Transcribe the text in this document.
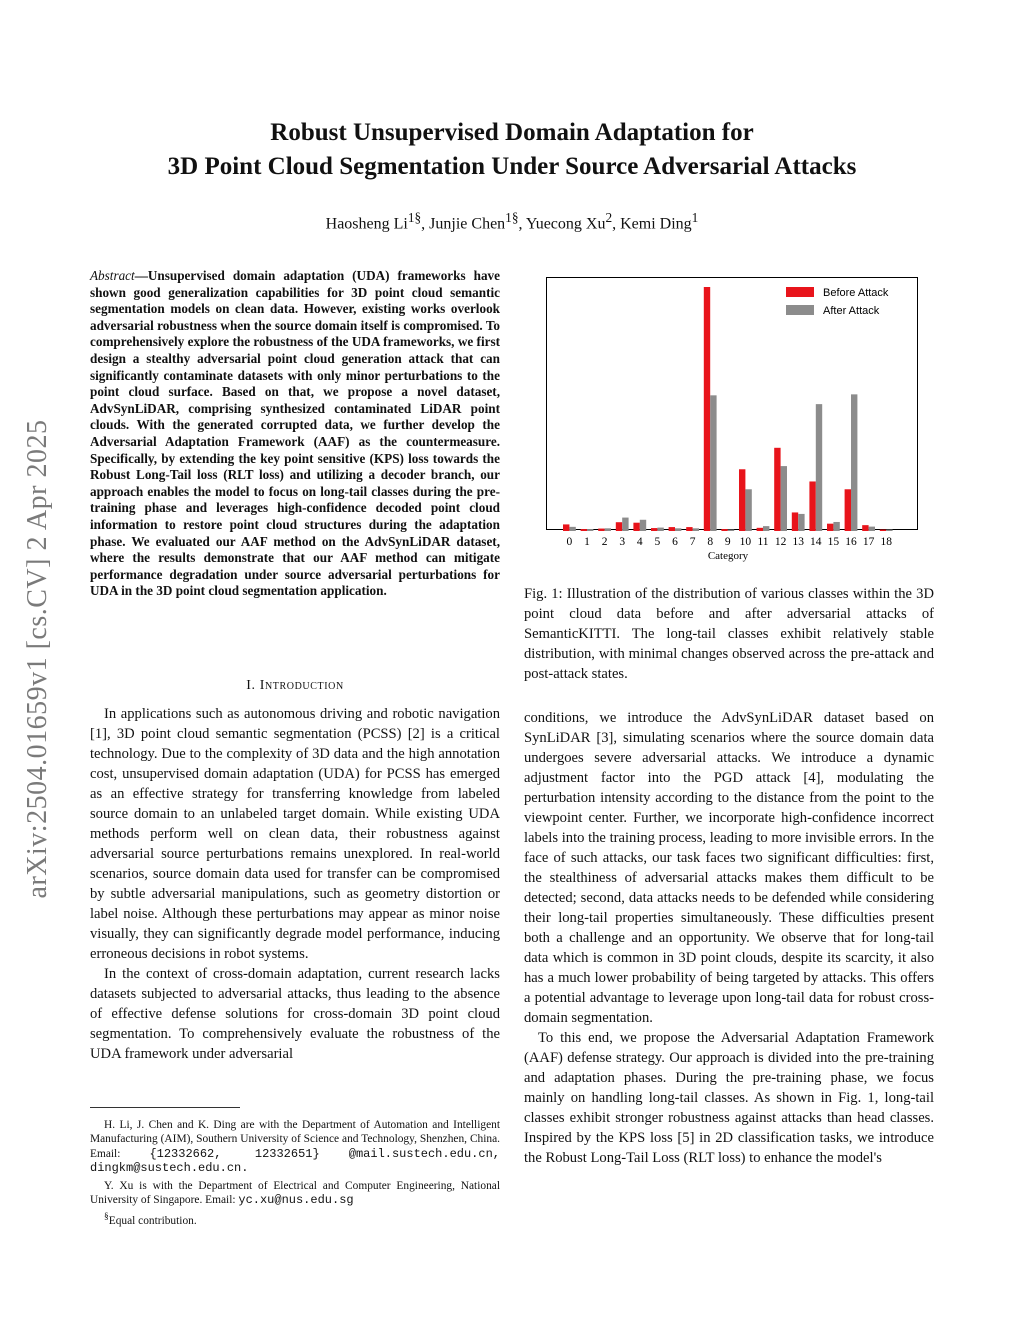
arXiv:2504.01659v1 [cs.CV] 2 Apr 2025
Robust Unsupervised Domain Adaptation for
3D Point Cloud Segmentation Under Source Adversarial Attacks
Haosheng $Li^{1\S}$, Junjie Chen$^{1\S}$, Yuecong Xu$^2$, Kemi Ding$^1$
Abstract—Unsupervised domain adaptation (UDA) frameworks have shown good generalization capabilities for 3D point cloud semantic segmentation models on clean data. However, existing works overlook adversarial robustness when the source domain itself is compromised. To comprehensively explore the robustness of the UDA frameworks, we first design a stealthy adversarial point cloud generation attack that can significantly contaminate datasets with only minor perturbations to the point cloud surface. Based on that, we propose a novel dataset, AdvSynLiDAR, comprising synthesized contaminated LiDAR point clouds. With the generated corrupted data, we further develop the Adversarial Adaptation Framework (AAF) as the countermeasure. Specifically, by extending the key point sensitive (KPS) loss towards the Robust Long-Tail loss (RLT loss) and utilizing a decoder branch, our approach enables the model to focus on long-tail classes during the pre-training phase and leverages high-confidence decoded point cloud information to restore point cloud structures during the adaptation phase. We evaluated our AAF method on the AdvSynLiDAR dataset, where the results demonstrate that our AAF method can mitigate performance degradation under source adversarial perturbations for UDA in the 3D point cloud segmentation application.
I. Introduction

In applications such as autonomous driving and robotic navigation [1], 3D point cloud semantic segmentation (PCSS) [2] is a critical technology. Due to the complexity of 3D data and the high annotation cost, unsupervised domain adaptation (UDA) for PCSS has emerged as an effective strategy for transferring knowledge from labeled source domain to an unlabeled target domain. While existing UDA methods perform well on clean data, their robustness against adversarial source perturbations remains unexplored. In real-world scenarios, source domain data used for transfer can be compromised by subtle adversarial manipulations, such as geometry distortion or label noise. Although these perturbations may appear as minor noise visually, they can significantly degrade model performance, inducing erroneous decisions in robot systems.

In the context of cross-domain adaptation, current research lacks datasets subjected to adversarial attacks, thus leading to the absence of effective defense solutions for cross-domain 3D point cloud segmentation. To comprehensively evaluate the robustness of the UDA framework under adversarial

H. Li, J. Chen and K. Ding are with the Department of Automation and Intelligent Manufacturing (AIM), Southern University of Science and Technology, Shenzhen, China. Email: {12332662, 12332651} @mail.sustech.edu.cn, dingkm@sustech.edu.cn.

Y. Xu is with the Department of Electrical and Computer Engineering, National University of Singapore. Email: yc.xu@nus.edu.sg

§Equal contribution.

0 1 2 3 4 5 6 7 8 9 10 11 12 13 14 15 16 17 18
Category
Before Attack
After Attack
Fig. 1: Illustration of the distribution of various classes within the 3D point cloud data before and after adversarial attacks of SemanticKITTI. The long-tail classes exhibit relatively stable distribution, with minimal changes observed across the pre-attack and post-attack states.

conditions, we introduce the AdvSynLiDAR dataset based on SynLiDAR [3], simulating scenarios where the source domain data undergoes severe adversarial attacks. We introduce a dynamic adjustment factor into the PGD attack [4], modulating the perturbation intensity according to the distance from the point to the viewpoint center. Further, we incorporate high-confidence incorrect labels into the training process, leading to more invisible errors. In the face of such attacks, our task faces two significant difficulties: first, the stealthiness of adversarial attacks makes them difficult to be detected; second, data attacks needs to be defended while considering their long-tail properties simultaneously. These difficulties present both a challenge and an opportunity. We observe that for long-tail data which is common in 3D point clouds, despite its scarcity, it also has a much lower probability of being targeted by attacks. This offers a potential advantage to leverage upon long-tail data for robust cross-domain segmentation.

To this end, we propose the Adversarial Adaptation Framework (AAF) defense strategy. Our approach is divided into the pre-training and adaptation phases. During the pre-training phase, we focus mainly on handling long-tail classes. As shown in Fig. 1, long-tail classes exhibit stronger robustness against attacks than head classes. Inspired by the KPS loss [5] in 2D classification tasks, we introduce the Robust Long-Tail Loss (RLT loss) to enhance the model's
